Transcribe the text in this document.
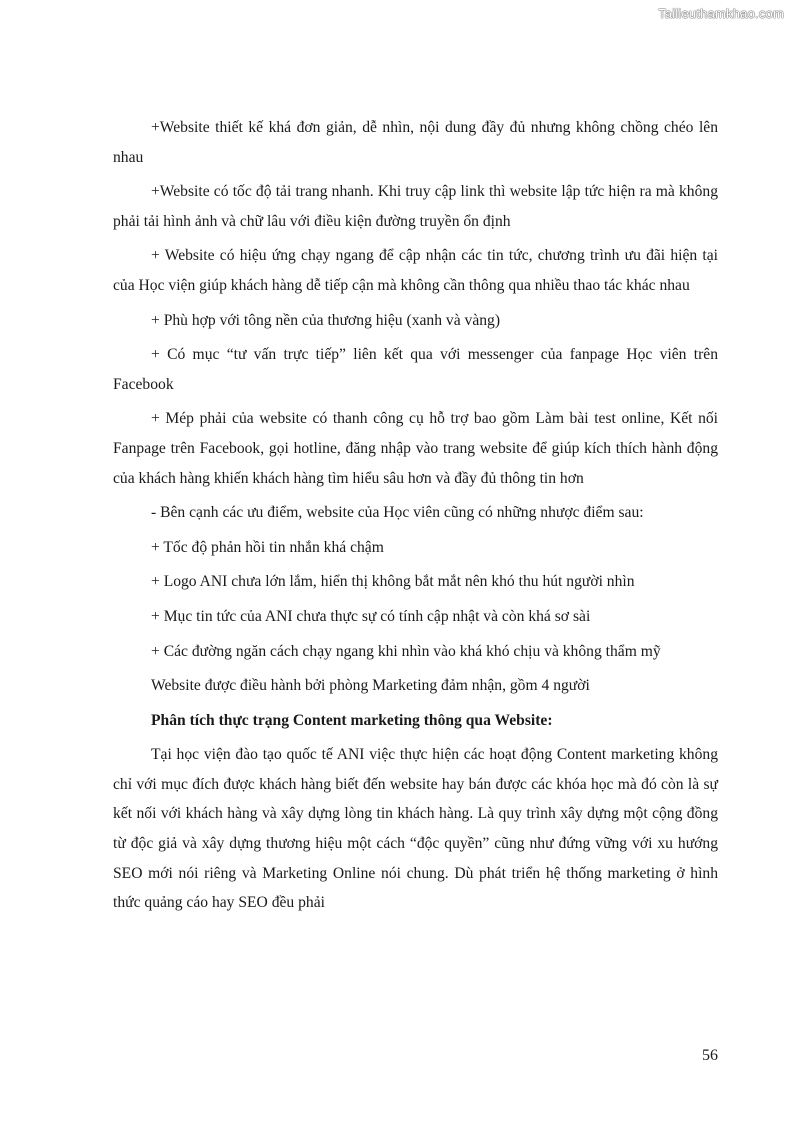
Tailieuthamkhao.com

+Website thiết kế khá đơn giản, dễ nhìn, nội dung đầy đủ nhưng không chồng chéo lên nhau

+Website có tốc độ tải trang nhanh. Khi truy cập link thì website lập tức hiện ra mà không phải tải hình ảnh và chữ lâu với điều kiện đường truyền ổn định

+ Website có hiệu ứng chạy ngang để cập nhận các tin tức, chương trình ưu đãi hiện tại của Học viện giúp khách hàng dễ tiếp cận mà không cần thông qua nhiều thao tác khác nhau

+ Phù hợp với tông nền của thương hiệu (xanh và vàng)

+ Có mục “tư vấn trực tiếp” liên kết qua với messenger của fanpage Học viên trên Facebook

+ Mép phải của website có thanh công cụ hỗ trợ bao gồm Làm bài test online, Kết nối Fanpage trên Facebook, gọi hotline, đăng nhập vào trang website để giúp kích thích hành động của khách hàng khiến khách hàng tìm hiểu sâu hơn và đầy đủ thông tin hơn

- Bên cạnh các ưu điểm, website của Học viên cũng có những nhược điểm sau:

+ Tốc độ phản hồi tin nhắn khá chậm

+ Logo ANI chưa lớn lắm, hiển thị không bắt mắt nên khó thu hút người nhìn

+ Mục tin tức của ANI chưa thực sự có tính cập nhật và còn khá sơ sài

+ Các đường ngăn cách chạy ngang khi nhìn vào khá khó chịu và không thẩm mỹ

Website được điều hành bởi phòng Marketing đảm nhận, gồm 4 người

Phân tích thực trạng Content marketing thông qua Website:

Tại học viện đào tạo quốc tế ANI việc thực hiện các hoạt động Content marketing không chỉ với mục đích được khách hàng biết đến website hay bán được các khóa học mà đó còn là sự kết nối với khách hàng và xây dựng lòng tin khách hàng. Là quy trình xây dựng một cộng đồng từ độc giả và xây dựng thương hiệu một cách “độc quyền” cũng như đứng vững với xu hướng SEO mới nói riêng và Marketing Online nói chung. Dù phát triển hệ thống marketing ở hình thức quảng cáo hay SEO đều phải

56
